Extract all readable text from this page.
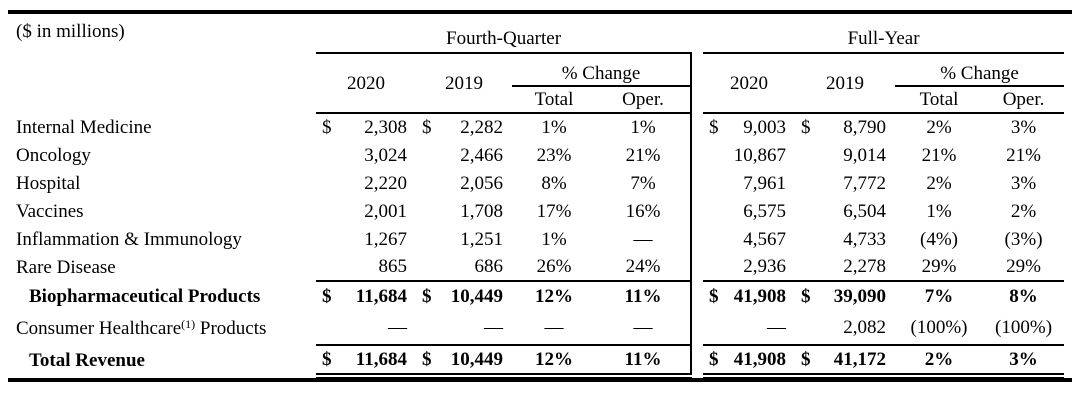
($ in millions)	Fourth-Quarter					Full-Year			
	2020	2019	% Change			2020	2019	% Change	
			Total	Oper.				Total	Oper.
Internal Medicine	$ 2,308	$ 2,282	1%	1%		$ 9,003	$ 8,790	2%	3%
Oncology	3,024	2,466	23%	21%		10,867	9,014	21%	21%
Hospital	2,220	2,056	8%	7%		7,961	7,772	2%	3%
Vaccines	2,001	1,708	17%	16%		6,575	6,504	1%	2%
Inflammation & Immunology	1,267	1,251	1%	—		4,567	4,733	(4%)	(3%)
Rare Disease	865	686	26%	24%		2,936	2,278	29%	29%
Biopharmaceutical Products	$ 11,684	$ 10,449	12%	11%		$ 41,908	$ 39,090	7%	8%
Consumer Healthcare$^{(1)}$ Products	—	—	—	—		—	2,082	(100%)	(100%)
Total Revenue	$ 11,684	$ 10,449	12%	11%		$ 41,908	$ 41,172	2%	3%
